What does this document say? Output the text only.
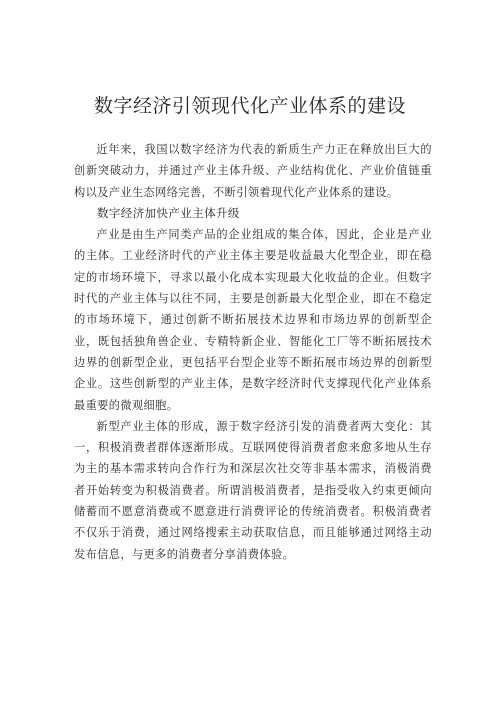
数字经济引领现代化产业体系的建设

近年来，我国以数字经济为代表的新质生产力正在释放出巨大的创新突破动力，并通过产业主体升级、产业结构优化、产业价值链重构以及产业生态网络完善，不断引领着现代化产业体系的建设。

数字经济加快产业主体升级

产业是由生产同类产品的企业组成的集合体，因此，企业是产业的主体。工业经济时代的产业主体主要是收益最大化型企业，即在稳定的市场环境下，寻求以最小化成本实现最大化收益的企业。但数字时代的产业主体与以往不同，主要是创新最大化型企业，即在不稳定的市场环境下，通过创新不断拓展技术边界和市场边界的创新型企业，既包括独角兽企业、专精特新企业、智能化工厂等不断拓展技术边界的创新型企业，更包括平台型企业等不断拓展市场边界的创新型企业。这些创新型的产业主体，是数字经济时代支撑现代化产业体系最重要的微观细胞。

新型产业主体的形成，源于数字经济引发的消费者两大变化：其一，积极消费者群体逐渐形成。互联网使得消费者愈来愈多地从生存为主的基本需求转向合作行为和深层次社交等非基本需求，消极消费者开始转变为积极消费者。所谓消极消费者，是指受收入约束更倾向储蓄而不愿意消费或不愿意进行消费评论的传统消费者。积极消费者不仅乐于消费，通过网络搜索主动获取信息，而且能够通过网络主动发布信息，与更多的消费者分享消费体验。
